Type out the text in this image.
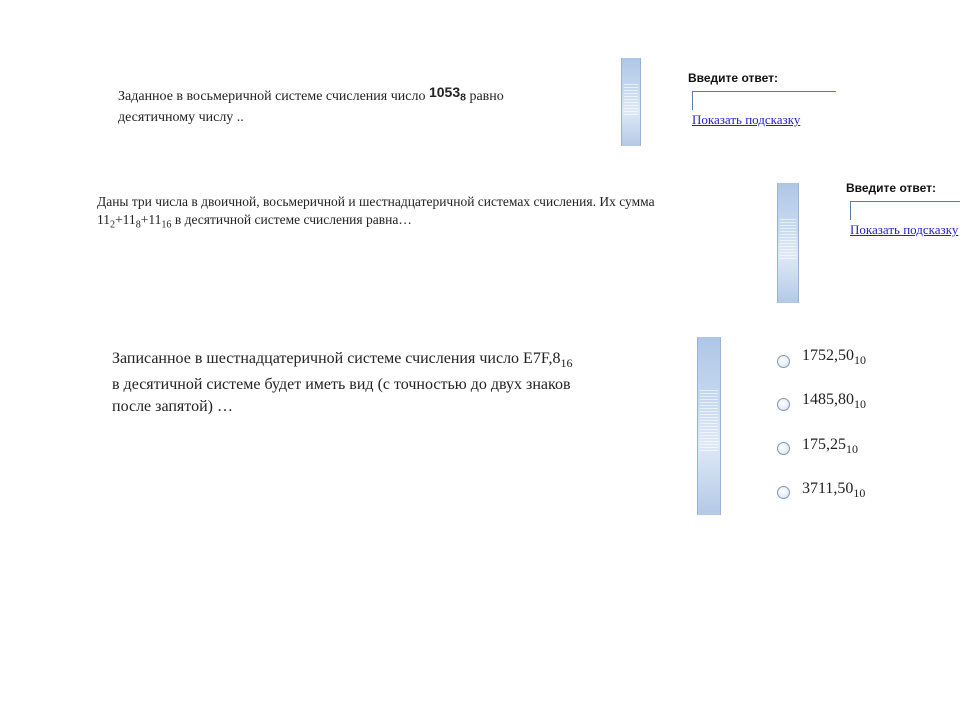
Заданное в восьмеричной системе счисления число $1053_8$ равно
десятичному числу ..
Введите ответ:
Показать подсказку
Даны три числа в двоичной, восьмеричной и шестнадцатеричной системах счисления. Их сумма
$11_2+11_8+11_{16}$ в десятичной системе счисления равна…
Введите ответ:
Показать подсказку
Записанное в шестнадцатеричной системе счисления число $E7F,8_{16}$
в десятичной системе будет иметь вид (с точностью до двух знаков
после запятой) …
$1752,50_{10}$
$1485,80_{10}$
$175,25_{10}$
$3711,50_{10}$
